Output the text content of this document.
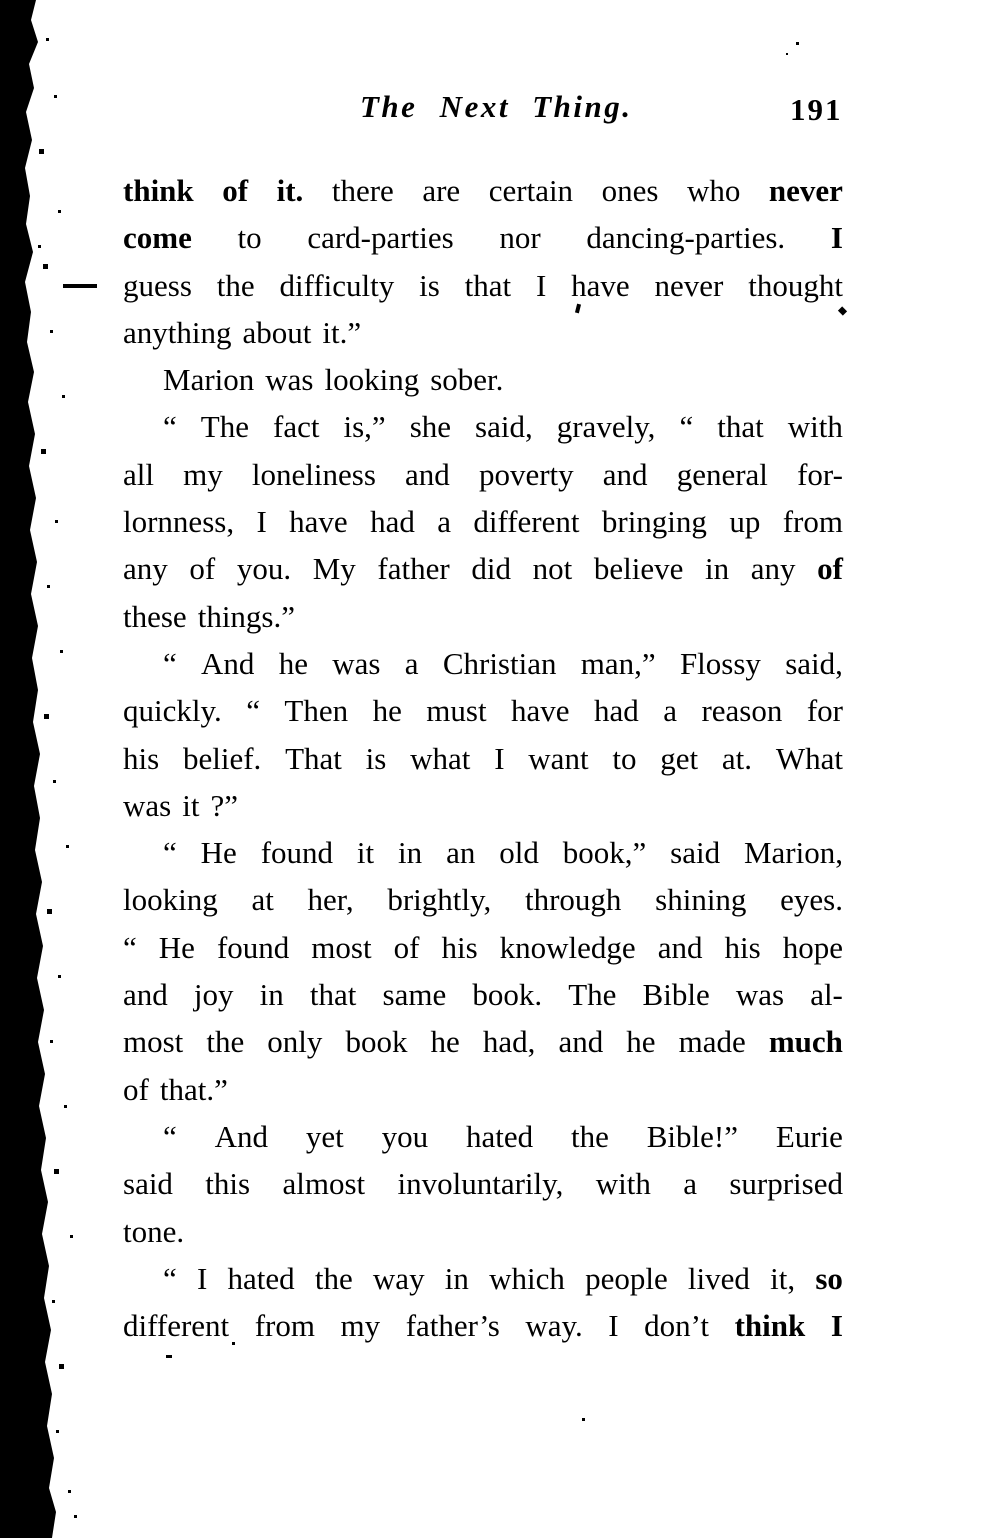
The Next Thing.	191
think of it. there are certain ones who never
come to card-parties nor dancing-parties. I
guess the difficulty is that I have never thought
anything about it.”
Marion was looking sober.
“ The fact is,” she said, gravely, “ that with
all my loneliness and poverty and general for-
lornness, I have had a different bringing up from
any of you. My father did not believe in any of
these things.”
“ And he was a Christian man,” Flossy said,
quickly. “ Then he must have had a reason for
his belief. That is what I want to get at. What
was it ?”
“ He found it in an old book,” said Marion,
looking at her, brightly, through shining eyes.
“ He found most of his knowledge and his hope
and joy in that same book. The Bible was al-
most the only book he had, and he made much
of that.”
“ And yet you hated the Bible!” Eurie
said this almost involuntarily, with a surprised
tone.
“ I hated the way in which people lived it, so
different from my father’s way. I don’t think I
